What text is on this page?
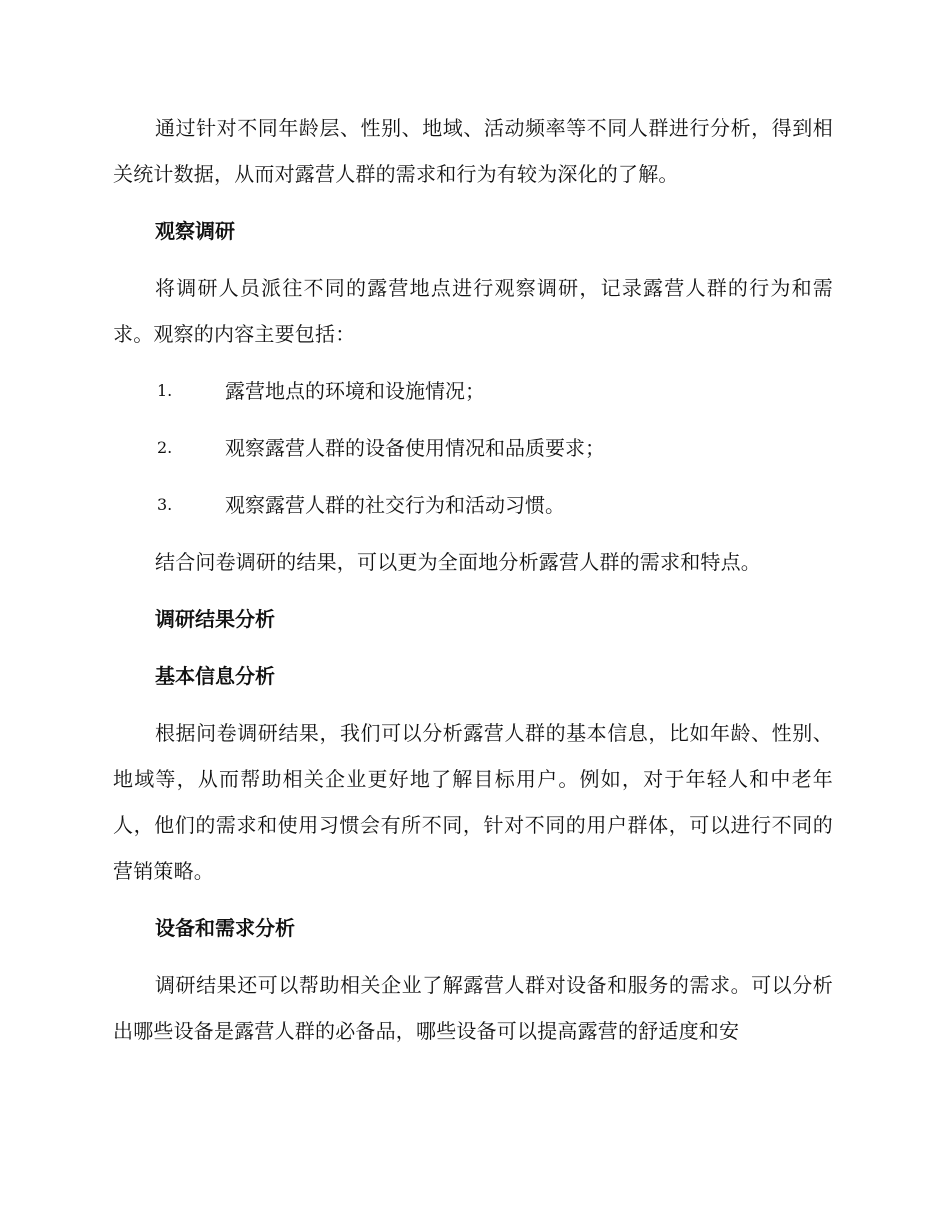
通过针对不同年龄层、性别、地域、活动频率等不同人群进行分析，得到相关统计数据，从而对露营人群的需求和行为有较为深化的了解。

观察调研

将调研人员派往不同的露营地点进行观察调研，记录露营人群的行为和需求。观察的内容主要包括：

1.	露营地点的环境和设施情况；
2.	观察露营人群的设备使用情况和品质要求；
3.	观察露营人群的社交行为和活动习惯。

结合问卷调研的结果，可以更为全面地分析露营人群的需求和特点。

调研结果分析
基本信息分析

根据问卷调研结果，我们可以分析露营人群的基本信息，比如年龄、性别、地域等，从而帮助相关企业更好地了解目标用户。例如，对于年轻人和中老年人，他们的需求和使用习惯会有所不同，针对不同的用户群体，可以进行不同的营销策略。

设备和需求分析

调研结果还可以帮助相关企业了解露营人群对设备和服务的需求。可以分析出哪些设备是露营人群的必备品，哪些设备可以提高露营的舒适度和安
